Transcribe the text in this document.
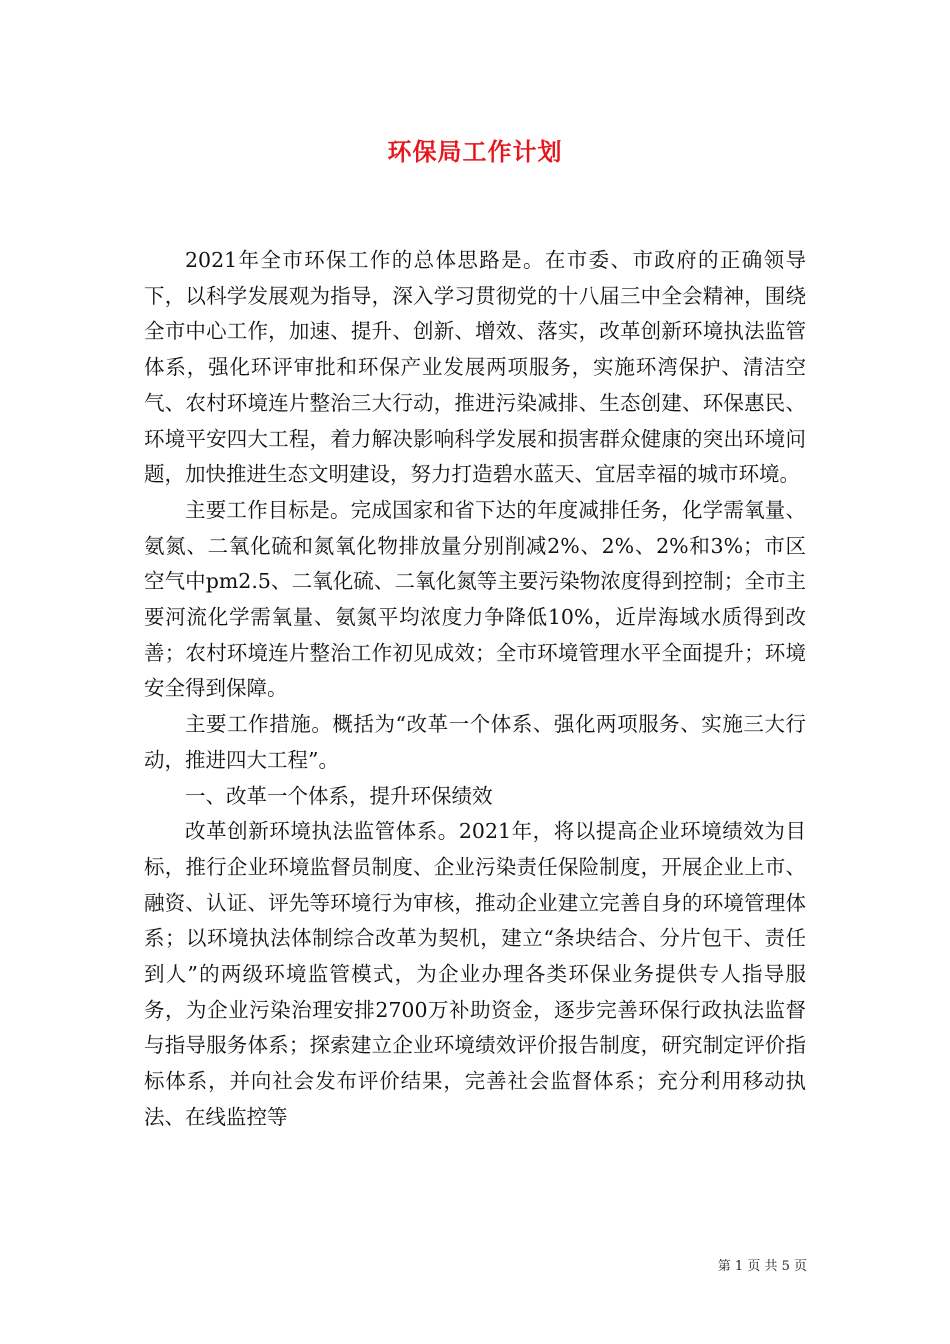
环保局工作计划

2021年全市环保工作的总体思路是。在市委、市政府的正确领导下，以科学发展观为指导，深入学习贯彻党的十八届三中全会精神，围绕全市中心工作，加速、提升、创新、增效、落实，改革创新环境执法监管体系，强化环评审批和环保产业发展两项服务，实施环湾保护、清洁空气、农村环境连片整治三大行动，推进污染减排、生态创建、环保惠民、环境平安四大工程，着力解决影响科学发展和损害群众健康的突出环境问题，加快推进生态文明建设，努力打造碧水蓝天、宜居幸福的城市环境。

主要工作目标是。完成国家和省下达的年度减排任务，化学需氧量、氨氮、二氧化硫和氮氧化物排放量分别削减2%、2%、2%和3%；市区空气中pm2.5、二氧化硫、二氧化氮等主要污染物浓度得到控制；全市主要河流化学需氧量、氨氮平均浓度力争降低10%，近岸海域水质得到改善；农村环境连片整治工作初见成效；全市环境管理水平全面提升；环境安全得到保障。

主要工作措施。概括为“改革一个体系、强化两项服务、实施三大行动，推进四大工程”。

一、改革一个体系，提升环保绩效

改革创新环境执法监管体系。2021年，将以提高企业环境绩效为目标，推行企业环境监督员制度、企业污染责任保险制度，开展企业上市、融资、认证、评先等环境行为审核，推动企业建立完善自身的环境管理体系；以环境执法体制综合改革为契机，建立“条块结合、分片包干、责任到人”的两级环境监管模式，为企业办理各类环保业务提供专人指导服务，为企业污染治理安排2700万补助资金，逐步完善环保行政执法监督与指导服务体系；探索建立企业环境绩效评价报告制度，研究制定评价指标体系，并向社会发布评价结果，完善社会监督体系；充分利用移动执法、在线监控等

第 1 页 共 5 页
